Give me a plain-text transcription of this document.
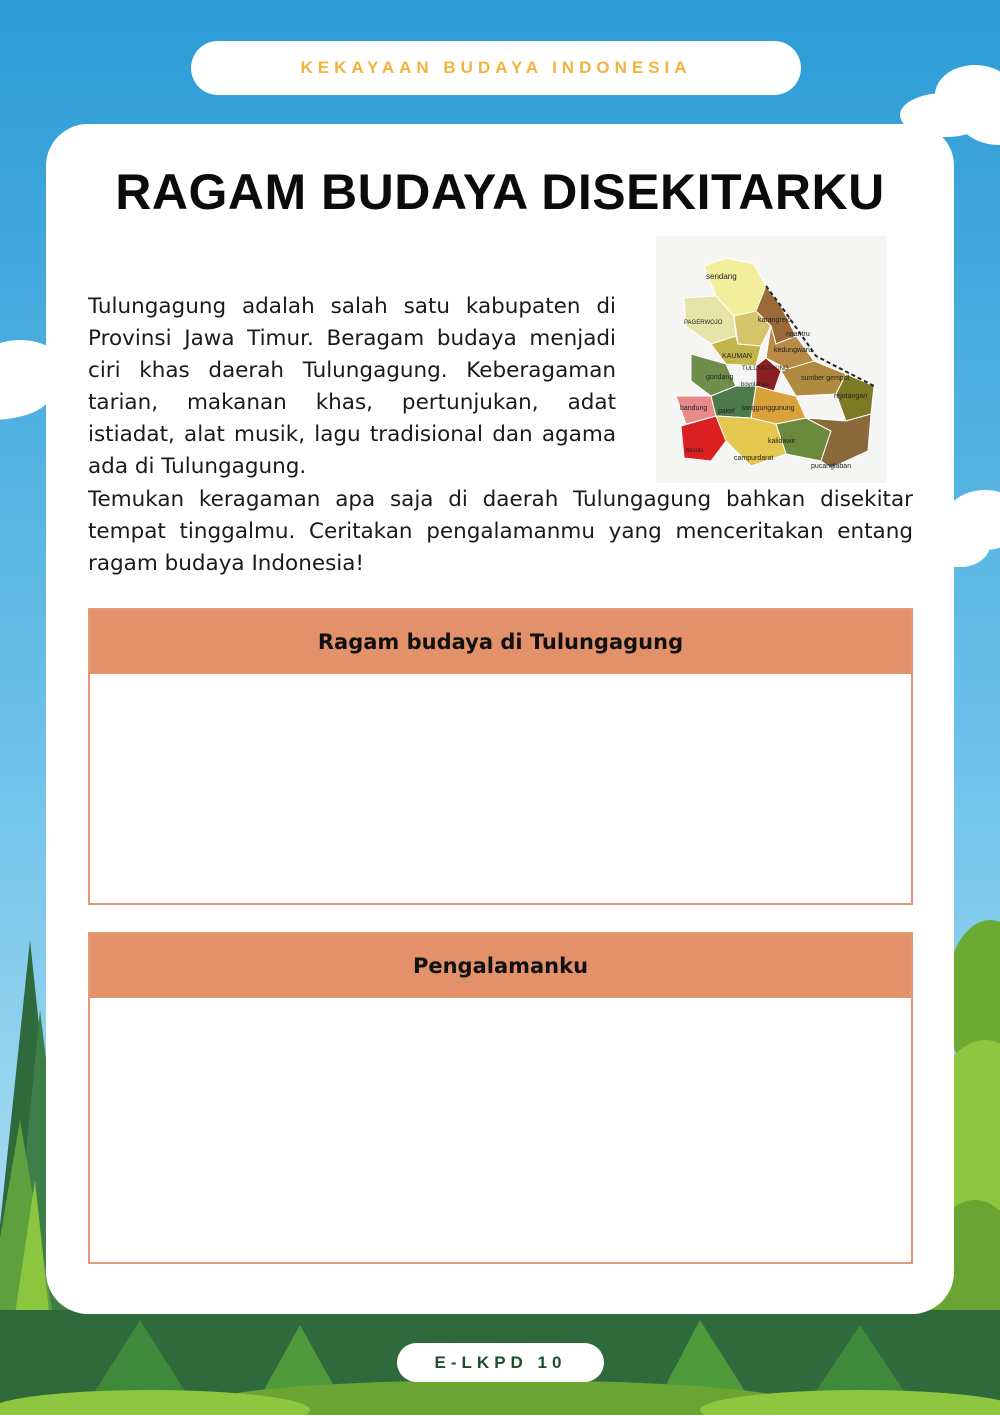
KEKAYAAN BUDAYA INDONESIA
RAGAM BUDAYA DISEKITARKU

Tulungagung adalah salah satu kabupaten di Provinsi Jawa Timur. Beragam budaya menjadi ciri khas daerah Tulungagung. Keberagaman tarian, makanan khas, pertunjukan, adat istiadat, alat musik, lagu tradisional dan agama ada di Tulungagung.

sendang
PAGERWOJO	karangrejo
ngantru
kedungwaru
KAUMAN
TULUNGAGUNG
gondang	sumber gempol
boyolangu
rejotangan
bandung pakel tanggunggunung
kalidawir
besuki
campurdarat
pucanglaban

Temukan keragaman apa saja di daerah Tulungagung bahkan disekitar tempat tinggalmu. Ceritakan pengalamanmu yang menceritakan entang ragam budaya Indonesia!

Ragam budaya di Tulungagung
Pengalamanku
E-LKPD 10
